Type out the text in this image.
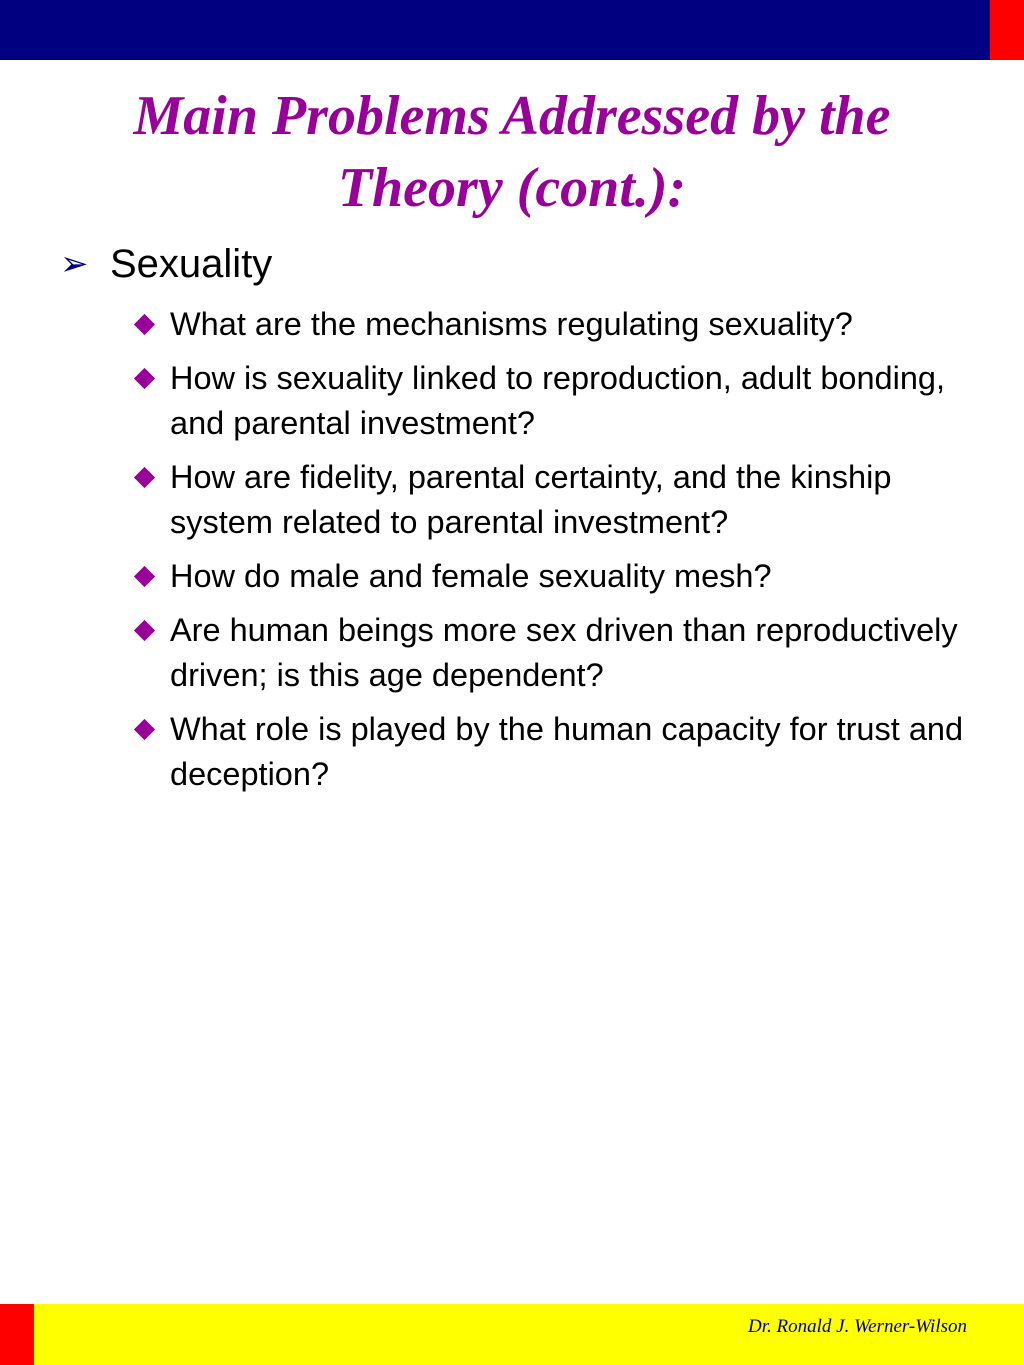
Main Problems Addressed by the
Theory (cont.):
➢ Sexuality
What are the mechanisms regulating sexuality?
How is sexuality linked to reproduction, adult bonding, and parental investment?
How are fidelity, parental certainty, and the kinship system related to parental investment?
How do male and female sexuality mesh?
Are human beings more sex driven than reproductively driven; is this age dependent?
What role is played by the human capacity for trust and deception?
Dr. Ronald J. Werner-Wilson
